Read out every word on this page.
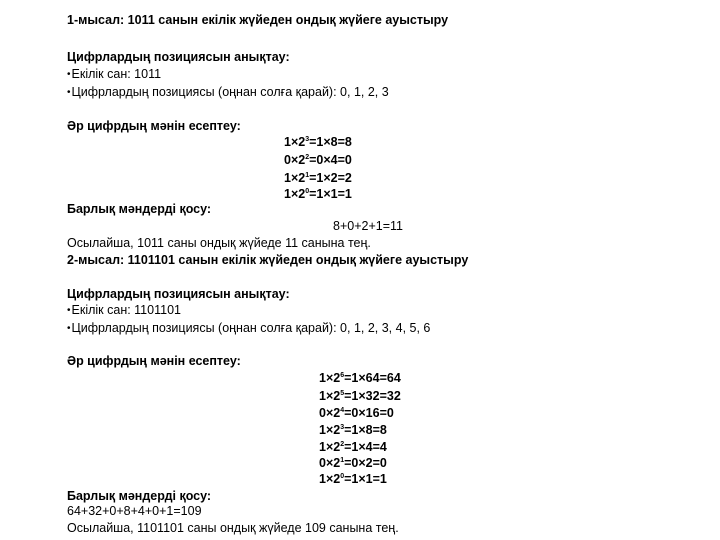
1-мысал: 1011 санын екілік жүйеден ондық жүйеге ауыстыру
Цифрлардың позициясын анықтау:
• Екілік сан: 1011
• Цифрлардың позициясы (оңнан солға қарай): 0, 1, 2, 3
Әр цифрдың мәнін есептеу:
$1\times 2^3=1\times 8=8$
$0\times 2^2=0\times 4=0$
$1\times 2^1=1\times 2=2$
$1\times 2^0=1\times 1=1$
Барлық мәндерді қосу:
8+0+2+1=11
Осылайша, 1011 саны ондық жүйеде 11 санына тең.
2-мысал: 1101101 санын екілік жүйеден ондық жүйеге ауыстыру
Цифрлардың позициясын анықтау:
• Екілік сан: 1101101
• Цифрлардың позициясы (оңнан солға қарай): 0, 1, 2, 3, 4, 5, 6
Әр цифрдың мәнін есептеу:
$1\times 2^6=1\times 64=64$
$1\times 2^5=1\times 32=32$
$0\times 2^4=0\times 16=0$
$1\times 2^3=1\times 8=8$
$1\times 2^2=1\times 4=4$
$0\times 2^1=0\times 2=0$
$1\times 2^0=1\times 1=1$
Барлық мәндерді қосу:
64+32+0+8+4+0+1=109
Осылайша, 1101101 саны ондық жүйеде 109 санына тең.
